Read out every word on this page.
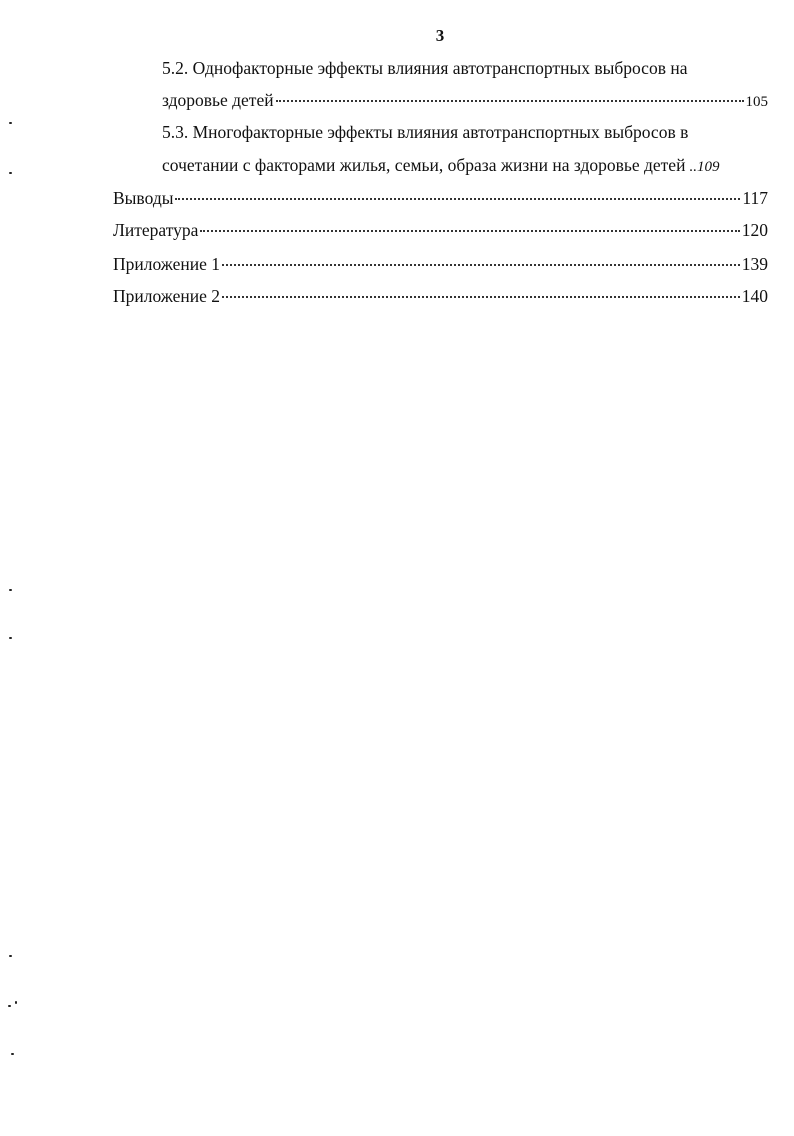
3
5.2. Однофакторные эффекты влияния автотранспортных выбросов на
здоровье детей	105
5.3. Многофакторные эффекты влияния автотранспортных выбросов в
сочетании с факторами жилья, семьи, образа жизни на здоровье детей ..109
Выводы	117
Литература	120
Приложение 1	139
Приложение 2	140
